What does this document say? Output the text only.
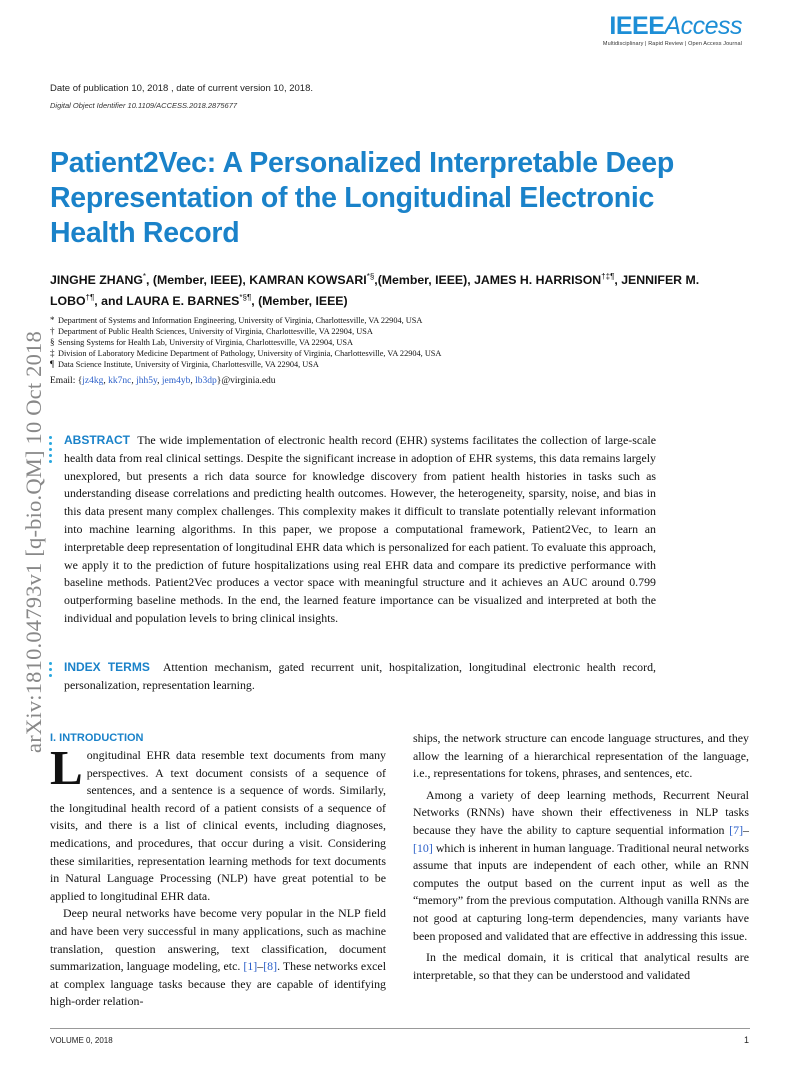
IEEEAccess
Multidisciplinary | Rapid Review | Open Access Journal
Date of publication 10, 2018 , date of current version 10, 2018.
Digital Object Identifier 10.1109/ACCESS.2018.2875677
Patient2Vec: A Personalized Interpretable Deep Representation of the Longitudinal Electronic Health Record
JINGHE ZHANG*, (Member, IEEE), KAMRAN KOWSARI*§,(Member, IEEE), JAMES H. HARRISON†‡¶, JENNIFER M. LOBO†¶, and LAURA E. BARNES*§¶, (Member, IEEE)
* Department of Systems and Information Engineering, University of Virginia, Charlottesville, VA 22904, USA
† Department of Public Health Sciences, University of Virginia, Charlottesville, VA 22904, USA
§ Sensing Systems for Health Lab, University of Virginia, Charlottesville, VA 22904, USA
‡ Division of Laboratory Medicine Department of Pathology, University of Virginia, Charlottesville, VA 22904, USA
¶ Data Science Institute, University of Virginia, Charlottesville, VA 22904, USA
Email: {jz4kg, kk7nc, jhh5y, jem4yb, lb3dp}@virginia.edu
arXiv:1810.04793v1 [q-bio.QM] 10 Oct 2018 ABSTRACT The wide implementation of electronic health record (EHR) systems facilitates the collection of large-scale health data from real clinical settings. Despite the significant increase in adoption of EHR systems, this data remains largely unexplored, but presents a rich data source for knowledge discovery from patient health histories in tasks such as understanding disease correlations and predicting health outcomes. However, the heterogeneity, sparsity, noise, and bias in this data present many complex challenges. This complexity makes it difficult to translate potentially relevant information into machine learning algorithms. In this paper, we propose a computational framework, Patient2Vec, to learn an interpretable deep representation of longitudinal EHR data which is personalized for each patient. To evaluate this approach, we apply it to the prediction of future hospitalizations using real EHR data and compare its predictive performance with baseline methods. Patient2Vec produces a vector space with meaningful structure and it achieves an AUC around 0.799 outperforming baseline methods. In the end, the learned feature importance can be visualized and interpreted at both the individual and population levels to bring clinical insights.
INDEX TERMS Attention mechanism, gated recurrent unit, hospitalization, longitudinal electronic health record, personalization, representation learning.
I. INTRODUCTION

Longitudinal EHR data resemble text documents from many perspectives. A text document consists of a sequence of sentences, and a sentence is a sequence of words. Similarly, the longitudinal health record of a patient consists of a sequence of visits, and there is a list of clinical events, including diagnoses, medications, and procedures, that occur during a visit. Considering these similarities, representation learning methods for text documents in Natural Language Processing (NLP) have great potential to be applied to longitudinal EHR data.

Deep neural networks have become very popular in the NLP field and have been very successful in many applications, such as machine translation, question answering, text classification, document summarization, language modeling, etc. [1]–[8]. These networks excel at complex language tasks because they are capable of identifying high-order relation-

ships, the network structure can encode language structures, and they allow the learning of a hierarchical representation of the language, i.e., representations for tokens, phrases, and sentences, etc.

Among a variety of deep learning methods, Recurrent Neural Networks (RNNs) have shown their effectiveness in NLP tasks because they have the ability to capture sequential information [7]–[10] which is inherent in human language. Traditional neural networks assume that inputs are independent of each other, while an RNN computes the output based on the current input as well as the “memory” from the previous computation. Although vanilla RNNs are not good at capturing long-term dependencies, many variants have been proposed and validated that are effective in addressing this issue.

In the medical domain, it is critical that analytical results are interpretable, so that they can be understood and validated

VOLUME 0, 2018	1
